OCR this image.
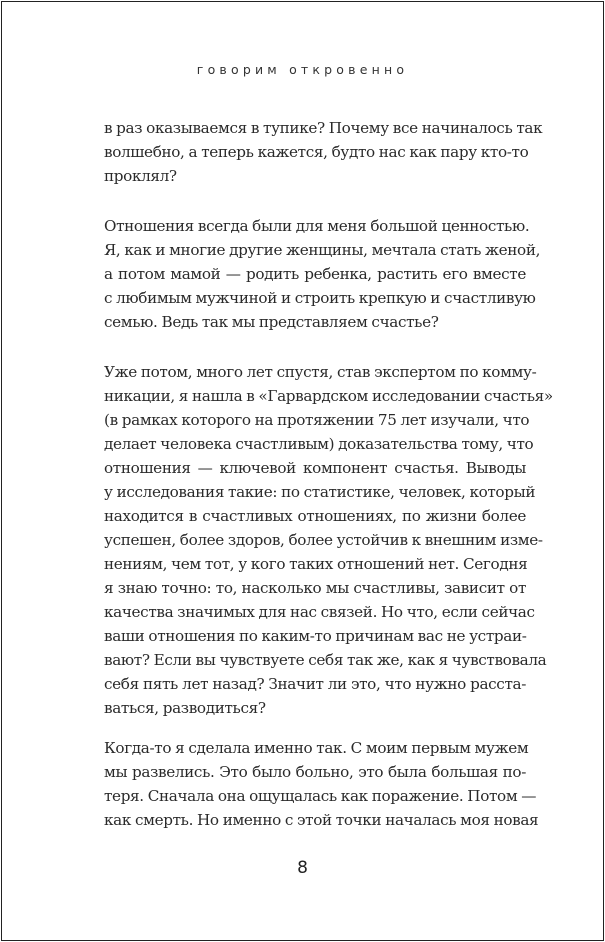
говорим откровенно
в раз оказываемся в тупике? Почему все начиналось так
волшебно, а теперь кажется, будто нас как пару кто-то
проклял?
Отношения всегда были для меня большой ценностью.
Я, как и многие другие женщины, мечтала стать женой,
а потом мамой — родить ребенка, растить его вместе
с любимым мужчиной и строить крепкую и счастливую
семью. Ведь так мы представляем счастье?
Уже потом, много лет спустя, став экспертом по комму-
никации, я нашла в «Гарвардском исследовании счастья»
(в рамках которого на протяжении 75 лет изучали, что
делает человека счастливым) доказательства тому, что
отношения — ключевой компонент счастья. Выводы
у исследования такие: по статистике, человек, который
находится в счастливых отношениях, по жизни более
успешен, более здоров, более устойчив к внешним изме-
нениям, чем тот, у кого таких отношений нет. Сегодня
я знаю точно: то, насколько мы счастливы, зависит от
качества значимых для нас связей. Но что, если сейчас
ваши отношения по каким-то причинам вас не устраи-
вают? Если вы чувствуете себя так же, как я чувствовала
себя пять лет назад? Значит ли это, что нужно расста-
ваться, разводиться?
Когда-то я сделала именно так. С моим первым мужем
мы развелись. Это было больно, это была большая по-
теря. Сначала она ощущалась как поражение. Потом —
как смерть. Но именно с этой точки началась моя новая
8
